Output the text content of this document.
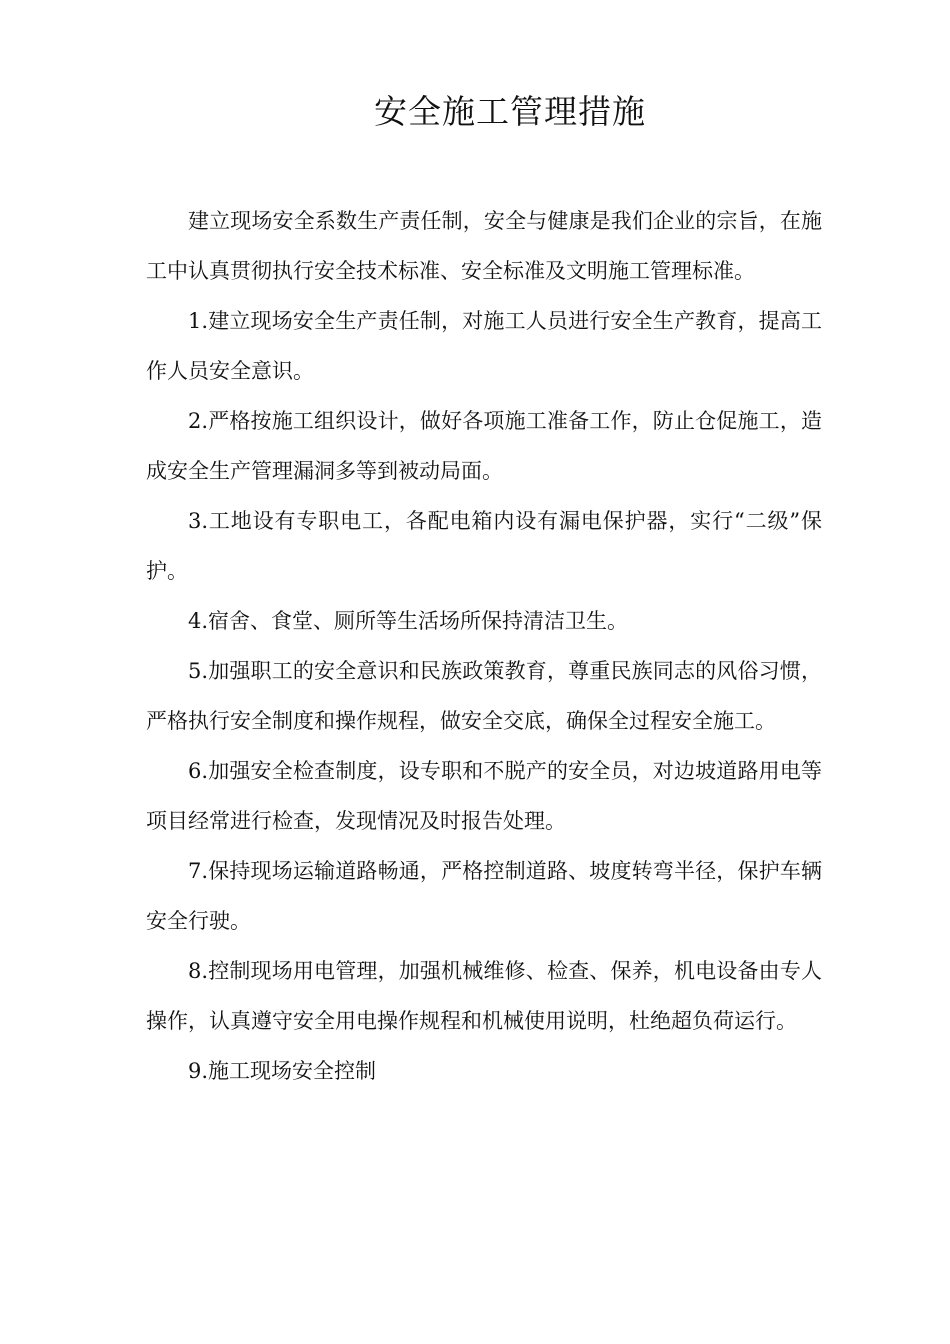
安全施工管理措施

建立现场安全系数生产责任制，安全与健康是我们企业的宗旨，在施工中认真贯彻执行安全技术标准、安全标准及文明施工管理标准。

1.建立现场安全生产责任制，对施工人员进行安全生产教育，提高工作人员安全意识。

2.严格按施工组织设计，做好各项施工准备工作，防止仓促施工，造成安全生产管理漏洞多等到被动局面。

3.工地设有专职电工，各配电箱内设有漏电保护器，实行“二级”保护。

4.宿舍、食堂、厕所等生活场所保持清洁卫生。

5.加强职工的安全意识和民族政策教育，尊重民族同志的风俗习惯，严格执行安全制度和操作规程，做安全交底，确保全过程安全施工。

6.加强安全检查制度，设专职和不脱产的安全员，对边坡道路用电等项目经常进行检查，发现情况及时报告处理。

7.保持现场运输道路畅通，严格控制道路、坡度转弯半径，保护车辆安全行驶。

8.控制现场用电管理，加强机械维修、检查、保养，机电设备由专人操作，认真遵守安全用电操作规程和机械使用说明，杜绝超负荷运行。

9.施工现场安全控制
